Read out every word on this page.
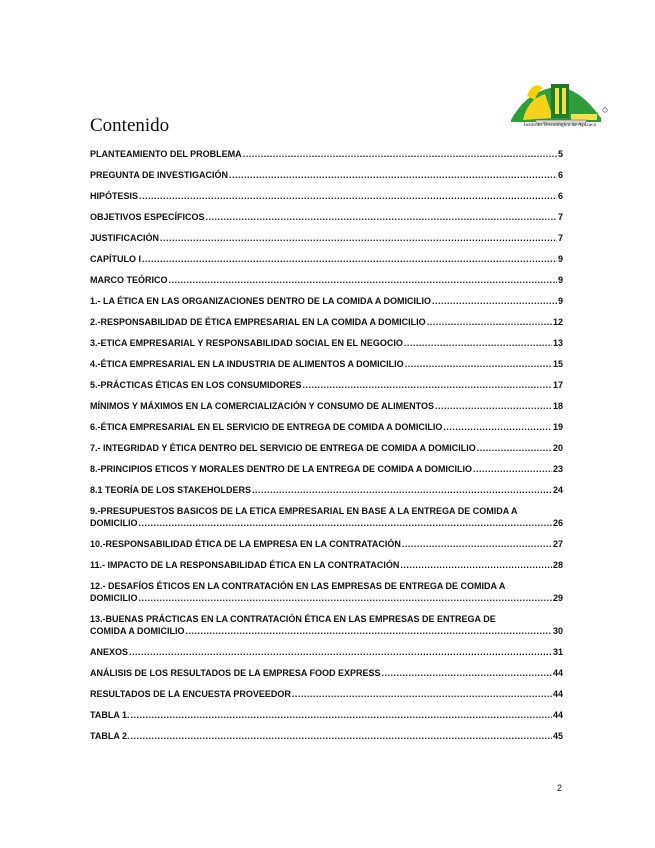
Instituto Tecnológico de Apizaco
Contenido
PLANTEAMIENTO DEL PROBLEMA .....	5
PREGUNTA DE INVESTIGACIÓN .....	6
HIPÓTESIS .....	6
OBJETIVOS ESPECÍFICOS .....	7
JUSTIFICACIÓN .....	7
CAPÍTULO I .....	9
MARCO TEÓRICO .....	9
1.- LA ÉTICA EN LAS ORGANIZACIONES DENTRO DE LA COMIDA A DOMICILIO .....	9
2.-RESPONSABILIDAD DE ÉTICA EMPRESARIAL EN LA COMIDA A DOMICILIO .....	12
3.-ETICA EMPRESARIAL Y RESPONSABILIDAD SOCIAL EN EL NEGOCIO .....	13
4.-ÉTICA EMPRESARIAL EN LA INDUSTRIA DE ALIMENTOS A DOMICILIO .....	15
5.-PRÁCTICAS ÉTICAS EN LOS CONSUMIDORES .....	17
MÍNIMOS Y MÁXIMOS EN LA COMERCIALIZACIÓN Y CONSUMO DE ALIMENTOS .....	18
6.-ÉTICA EMPRESARIAL EN EL SERVICIO DE ENTREGA DE COMIDA A DOMICILIO .....	19
7.- INTEGRIDAD Y ÉTICA DENTRO DEL SERVICIO DE ENTREGA DE COMIDA A DOMICILIO .....	20
8.-PRINCIPIOS ETICOS Y MORALES DENTRO DE LA ENTREGA DE COMIDA A DOMICILIO .....	23
8.1 TEORÍA DE LOS STAKEHOLDERS .....	24
9.-PRESUPUESTOS BASICOS DE LA ETICA EMPRESARIAL EN BASE A LA ENTREGA DE COMIDA A
DOMICILIO .....	26
10.-RESPONSABILIDAD ÉTICA DE LA EMPRESA EN LA CONTRATACIÓN .....	27
11.- IMPACTO DE LA RESPONSABILIDAD ÉTICA EN LA CONTRATACIÓN .....	28
12.- DESAFÍOS ÉTICOS EN LA CONTRATACIÓN EN LAS EMPRESAS DE ENTREGA DE COMIDA A
DOMICILIO .....	29
13.-BUENAS PRÁCTICAS EN LA CONTRATACIÓN ÉTICA EN LAS EMPRESAS DE ENTREGA DE
COMIDA A DOMICILIO .....	30
ANEXOS .....	31
ANÁLISIS DE LOS RESULTADOS DE LA EMPRESA FOOD EXPRESS .....	44
RESULTADOS DE LA ENCUESTA PROVEEDOR .....	44
TABLA 1. .....	44
TABLA 2. .....	45
2
